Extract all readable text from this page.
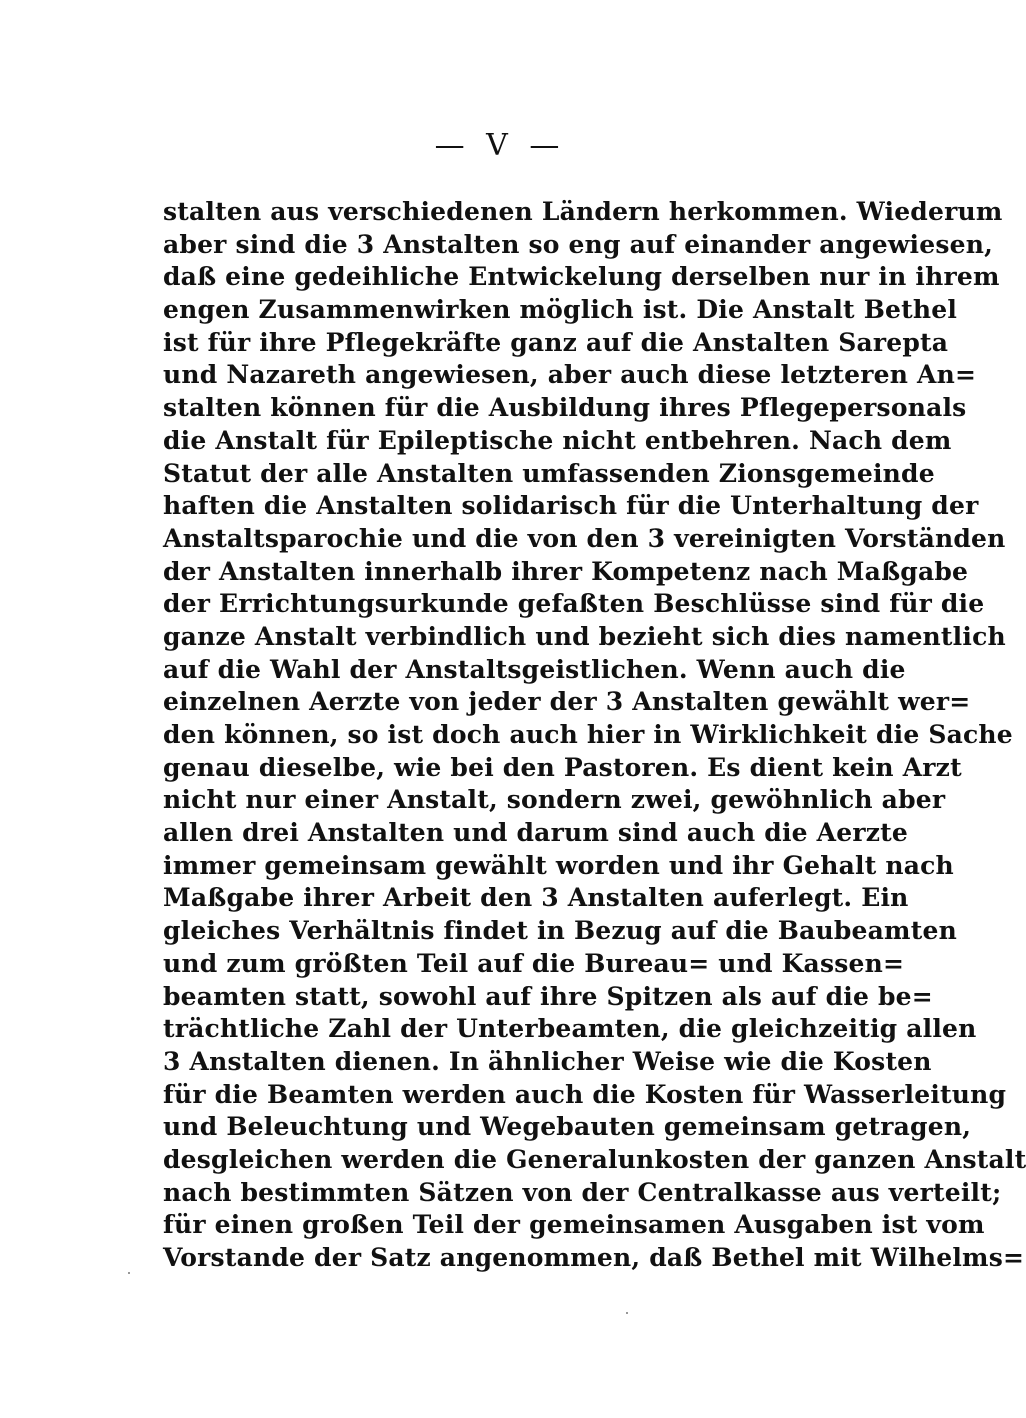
— V —
stalten aus verschiedenen Ländern herkommen. Wiederum
aber sind die 3 Anstalten so eng auf einander angewiesen,
daß eine gedeihliche Entwickelung derselben nur in ihrem
engen Zusammenwirken möglich ist. Die Anstalt Bethel
ist für ihre Pflegekräfte ganz auf die Anstalten Sarepta
und Nazareth angewiesen, aber auch diese letzteren An=
stalten können für die Ausbildung ihres Pflegepersonals
die Anstalt für Epileptische nicht entbehren. Nach dem
Statut der alle Anstalten umfassenden Zionsgemeinde
haften die Anstalten solidarisch für die Unterhaltung der
Anstaltsparochie und die von den 3 vereinigten Vorständen
der Anstalten innerhalb ihrer Kompetenz nach Maßgabe
der Errichtungsurkunde gefaßten Beschlüsse sind für die
ganze Anstalt verbindlich und bezieht sich dies namentlich
auf die Wahl der Anstaltsgeistlichen. Wenn auch die
einzelnen Aerzte von jeder der 3 Anstalten gewählt wer=
den können, so ist doch auch hier in Wirklichkeit die Sache
genau dieselbe, wie bei den Pastoren. Es dient kein Arzt
nicht nur einer Anstalt, sondern zwei, gewöhnlich aber
allen drei Anstalten und darum sind auch die Aerzte
immer gemeinsam gewählt worden und ihr Gehalt nach
Maßgabe ihrer Arbeit den 3 Anstalten auferlegt. Ein
gleiches Verhältnis findet in Bezug auf die Baubeamten
und zum größten Teil auf die Bureau= und Kassen=
beamten statt, sowohl auf ihre Spitzen als auf die be=
trächtliche Zahl der Unterbeamten, die gleichzeitig allen
3 Anstalten dienen. In ähnlicher Weise wie die Kosten
für die Beamten werden auch die Kosten für Wasserleitung
und Beleuchtung und Wegebauten gemeinsam getragen,
desgleichen werden die Generalunkosten der ganzen Anstalt
nach bestimmten Sätzen von der Centralkasse aus verteilt;
für einen großen Teil der gemeinsamen Ausgaben ist vom
Vorstande der Satz angenommen, daß Bethel mit Wilhelms=
